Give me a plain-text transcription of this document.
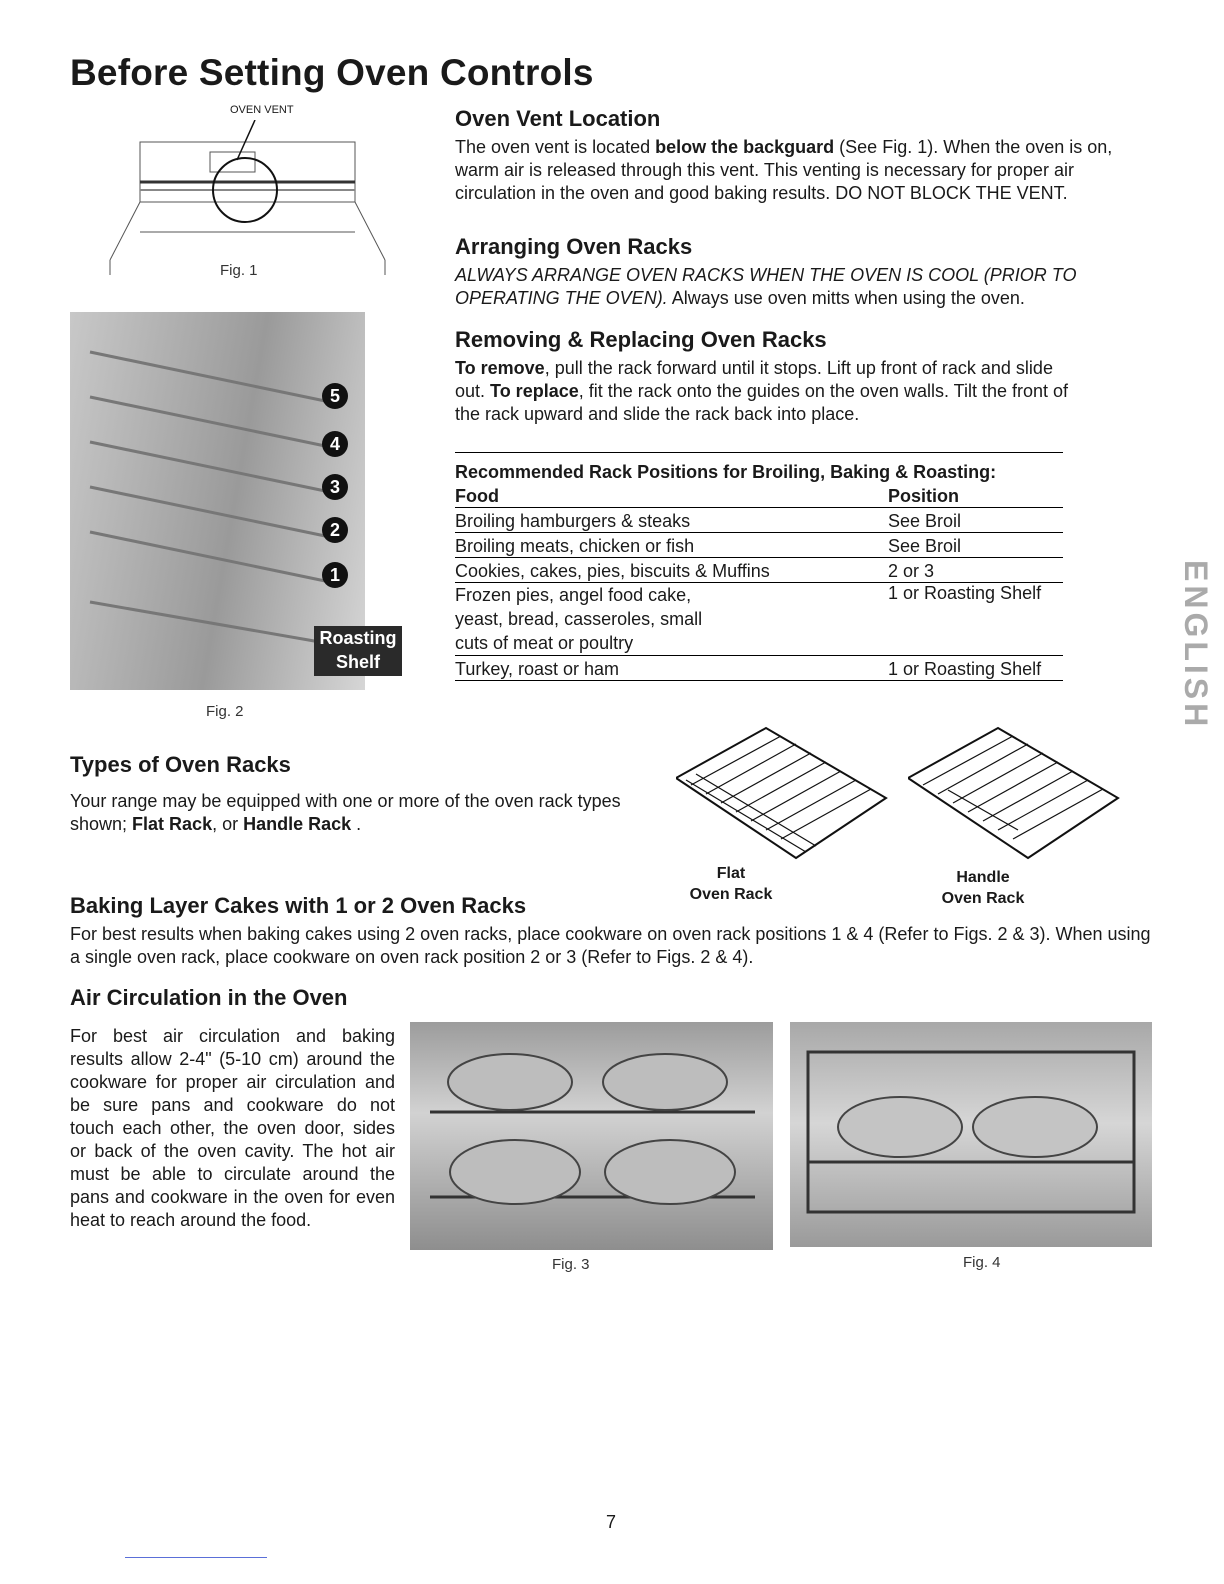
Before Setting Oven Controls
OVEN VENT
Fig. 1
5
4
3
2
1
Roasting
Shelf
Fig. 2
Oven Vent Location

The oven vent is located below the backguard (See Fig. 1). When the oven is on, warm air is released through this vent. This venting is necessary for proper air circulation in the oven and good baking results. DO NOT BLOCK THE VENT.

Arranging Oven Racks

ALWAYS ARRANGE OVEN RACKS WHEN THE OVEN IS COOL (PRIOR TO OPERATING THE OVEN). Always use oven mitts when using the oven.

Removing & Replacing Oven Racks

To remove, pull the rack forward until it stops. Lift up front of rack and slide out. To replace, fit the rack onto the guides on the oven walls. Tilt the front of the rack upward and slide the rack back into place.

Recommended Rack Positions for Broiling, Baking & Roasting:
Food	Position
Broiling hamburgers & steaks	See Broil
Broiling meats, chicken or fish	See Broil
Cookies, cakes, pies, biscuits & Muffins	2 or 3

Frozen pies, angel food cake,
yeast, bread, casseroles, small
cuts of meat or poultry	1 or Roasting Shelf
Turkey, roast or ham	1 or Roasting Shelf	ENGLISH
Types of Oven Racks

Your range may be equipped with one or more of the oven rack types shown; Flat Rack, or Handle Rack .

Flat
Oven Rack
Handle
Oven Rack
Baking Layer Cakes with 1 or 2 Oven Racks

For best results when baking cakes using 2 oven racks, place cookware on oven rack positions 1 & 4 (Refer to Figs. 2 & 3). When using a single oven rack, place cookware on oven rack position 2 or 3 (Refer to Figs. 2 & 4).

Air Circulation in the Oven

For best air circulation and baking results allow 2-4" (5-10 cm) around the cookware for proper air circulation and be sure pans and cookware do not touch each other, the oven door, sides or back of the oven cavity. The hot air must be able to circulate around the pans and cookware in the oven for even heat to reach around the food.

Fig. 3	Fig. 4
7
